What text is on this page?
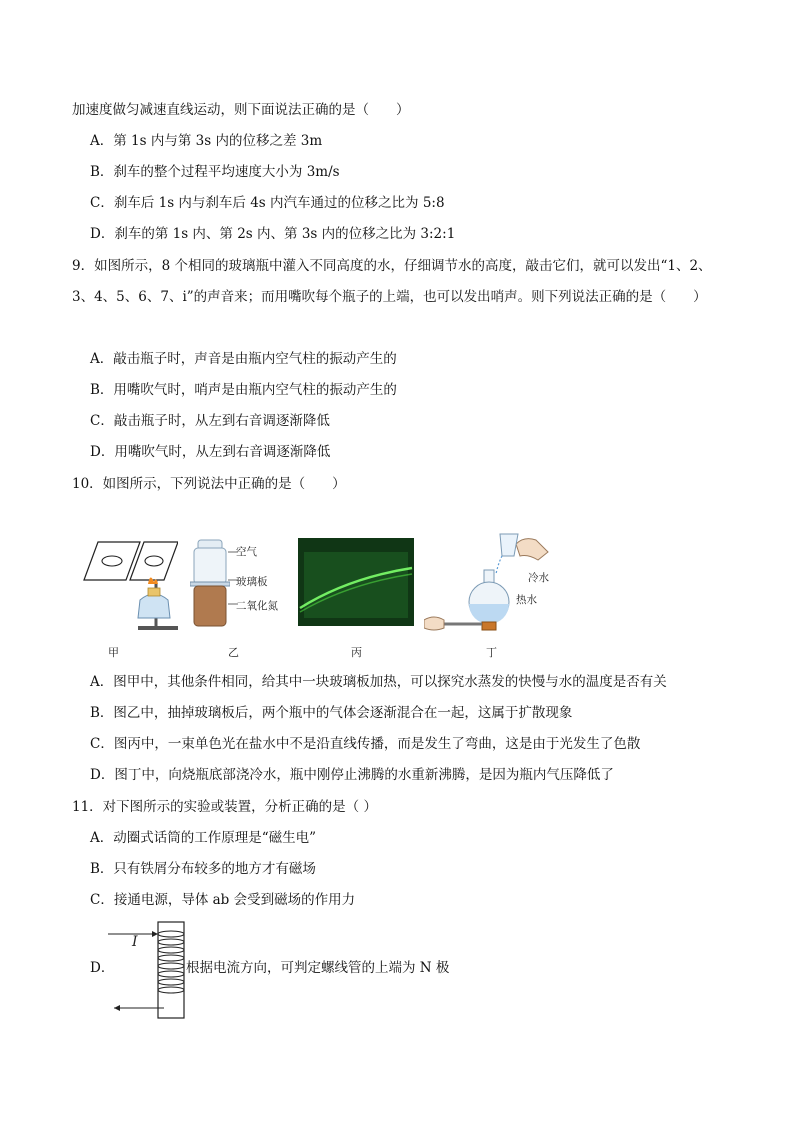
加速度做匀减速直线运动，则下面说法正确的是（　　）
A．第 1s 内与第 3s 内的位移之差 3m
B．刹车的整个过程平均速度大小为 3m/s
C．刹车后 1s 内与刹车后 4s 内汽车通过的位移之比为 5:8
D．刹车的第 1s 内、第 2s 内、第 3s 内的位移之比为 3:2:1
9．如图所示，8 个相同的玻璃瓶中灌入不同高度的水，仔细调节水的高度，敲击它们，就可以发出“1、2、
3、4、5、6、7、i”的声音来；而用嘴吹每个瓶子的上端，也可以发出哨声。则下列说法正确的是（　　）
A．敲击瓶子时，声音是由瓶内空气柱的振动产生的
B．用嘴吹气时，哨声是由瓶内空气柱的振动产生的
C．敲击瓶子时，从左到右音调逐渐降低
D．用嘴吹气时，从左到右音调逐渐降低
10．如图所示，下列说法中正确的是（　　）
空气
玻璃板
二氧化氮
冷水
热水
甲	乙	丙	丁
A．图甲中，其他条件相同，给其中一块玻璃板加热，可以探究水蒸发的快慢与水的温度是否有关
B．图乙中，抽掉玻璃板后，两个瓶中的气体会逐渐混合在一起，这属于扩散现象
C．图丙中，一束单色光在盐水中不是沿直线传播，而是发生了弯曲，这是由于光发生了色散
D．图丁中，向烧瓶底部浇冷水，瓶中刚停止沸腾的水重新沸腾，是因为瓶内气压降低了
11．对下图所示的实验或装置，分析正确的是（ ）
A．动圈式话筒的工作原理是“磁生电”
B．只有铁屑分布较多的地方才有磁场
C．接通电源，导体 ab 会受到磁场的作用力
D．
I
根据电流方向，可判定螺线管的上端为 N 极
